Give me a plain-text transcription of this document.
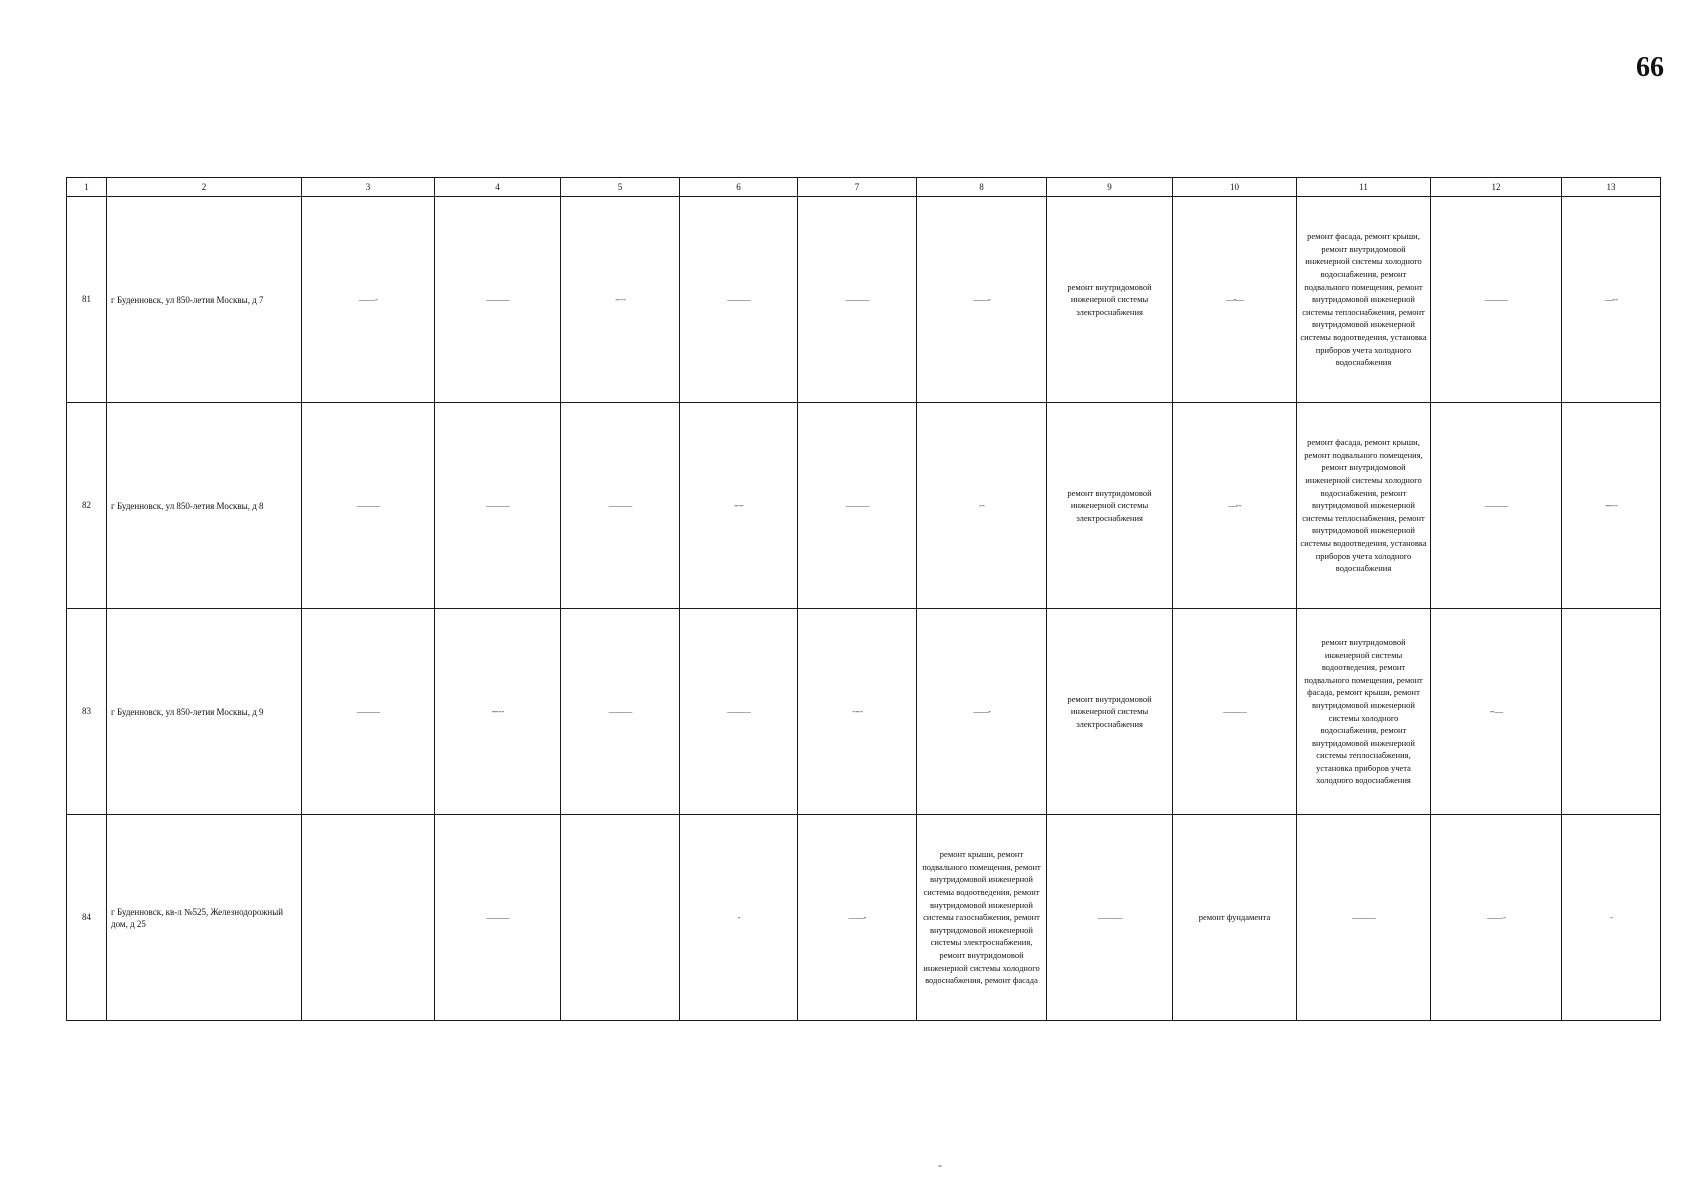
66
1	2	3	4	5	6	7	8	9	10	11	12	13
81	г Буденновск, ул 850-летия Москвы, д 7	—— -	———	-- - -	———	———	——-	ремонт внутридомовой инженерной системы электроснабжения	—-—	ремонт фасада, ремонт крыши, ремонт внутридомовой инженерной системы холодного водоснабжения, ремонт подвального помещения, ремонт внутридомовой инженерной системы теплоснабжения, ремонт внутридомовой инженерной системы водоотведения, установка приборов учета холодного водоснабжения	———	—- -
82	г Буденновск, ул 850-летия Москвы, д 8	———	———	———	-- --	———	- -	ремонт внутридомовой инженерной системы электроснабжения	—- -	ремонт фасада, ремонт крыши, ремонт подвального помещения, ремонт внутридомовой инженерной системы холодного водоснабжения, ремонт внутридомовой инженерной системы теплоснабжения, ремонт внутридомовой инженерной системы водоотведения, установка приборов учета холодного водоснабжения	———	--- - -
83	г Буденновск, ул 850-летия Москвы, д 9	———	--- - -	———	———	- -- -	——-	ремонт внутридомовой инженерной системы электроснабжения	———	ремонт внутридомовой инженерной системы водоотведения, ремонт подвального помещения, ремонт фасада, ремонт крыши, ремонт внутридомовой инженерной системы холодного водоснабжения, ремонт внутридомовой инженерной системы теплоснабжения, установка приборов учета холодного водоснабжения	-- —	
84	г Буденновск, кв-л №525, Железнодорожный дом, д 25		———		-	——-	ремонт крыши, ремонт подвального помещения, ремонт внутридомовой инженерной системы водоотведения, ремонт внутридомовой инженерной системы газоснабжения, ремонт внутридомовой инженерной системы электроснабжения, ремонт внутридомовой инженерной системы холодного водоснабжения, ремонт фасада	— ——	ремонт фундамента	———	—— -	-
-
